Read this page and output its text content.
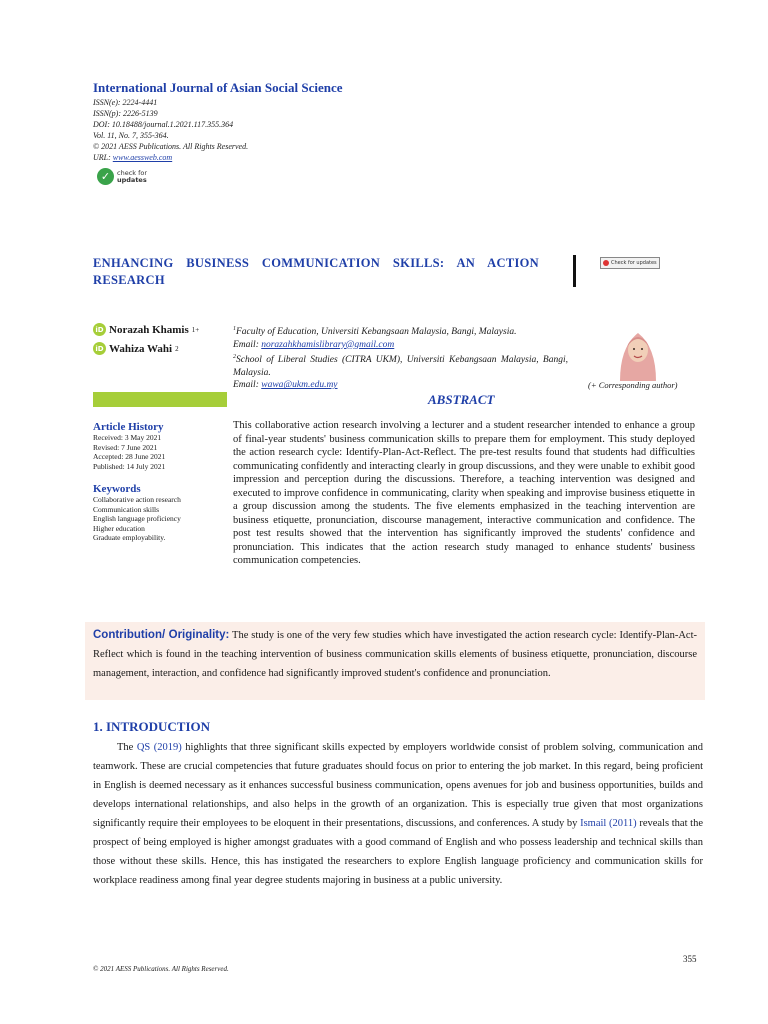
International Journal of Asian Social Science
ISSN(e): 2224-4441
ISSN(p): 2226-5139
DOI: 10.18488/journal.1.2021.117.355.364
Vol. 11, No. 7, 355-364.
© 2021 AESS Publications. All Rights Reserved.
URL: www.aessweb.com
✓	check for
updates
ENHANCING BUSINESS COMMUNICATION SKILLS: AN ACTION RESEARCH
Check for updates
iD Norazah Khamis 1+
iD Wahiza Wahi 2
$^1$Faculty of Education, Universiti Kebangsaan Malaysia, Bangi, Malaysia.
Email: norazahkhamislibrary@gmail.com
$^2$School of Liberal Studies (CITRA UKM), Universiti Kebangsaan Malaysia, Bangi, Malaysia.
Email: wawa@ukm.edu.my	(+ Corresponding author)
ABSTRACT
Article History
Received: 3 May 2021
Revised: 7 June 2021
Accepted: 28 June 2021
Published: 14 July 2021
Keywords
Collaborative action research
Communication skills
English language proficiency
Higher education
Graduate employability.
This collaborative action research involving a lecturer and a student researcher intended to enhance a group of final-year students' business communication skills to prepare them for employment. This study deployed the action research cycle: Identify-Plan-Act-Reflect. The pre-test results found that students had difficulties communicating confidently and interacting clearly in group discussions, and they were unable to exhibit good impression and perception during the discussions. Therefore, a teaching intervention was designed and executed to improve confidence in communicating, clarity when speaking and improvise business etiquette in a group discussion among the students. The five elements emphasized in the teaching intervention are business etiquette, pronunciation, discourse management, interactive communication and confidence. The post test results showed that the intervention has significantly improved the students' confidence and pronunciation. This indicates that the action research study managed to enhance students' business communication competencies.
Contribution/ Originality: The study is one of the very few studies which have investigated the action research cycle: Identify-Plan-Act-Reflect which is found in the teaching intervention of business communication skills elements of business etiquette, pronunciation, discourse management, interaction, and confidence had significantly improved student's confidence and pronunciation.
1. INTRODUCTION
The QS (2019) highlights that three significant skills expected by employers worldwide consist of problem solving, communication and teamwork. These are crucial competencies that future graduates should focus on prior to entering the job market. In this regard, being proficient in English is deemed necessary as it enhances successful business communication, opens avenues for job and business opportunities, builds and develops international relationships, and also helps in the growth of an organization. This is especially true given that most organizations significantly require their employees to be eloquent in their presentations, discussions, and conferences. A study by Ismail (2011) reveals that the prospect of being employed is higher amongst graduates with a good command of English and who possess leadership and technical skills than those without these skills. Hence, this has instigated the researchers to explore English language proficiency and communication skills for workplace readiness among final year degree students majoring in business at a public university.
355
© 2021 AESS Publications. All Rights Reserved.
